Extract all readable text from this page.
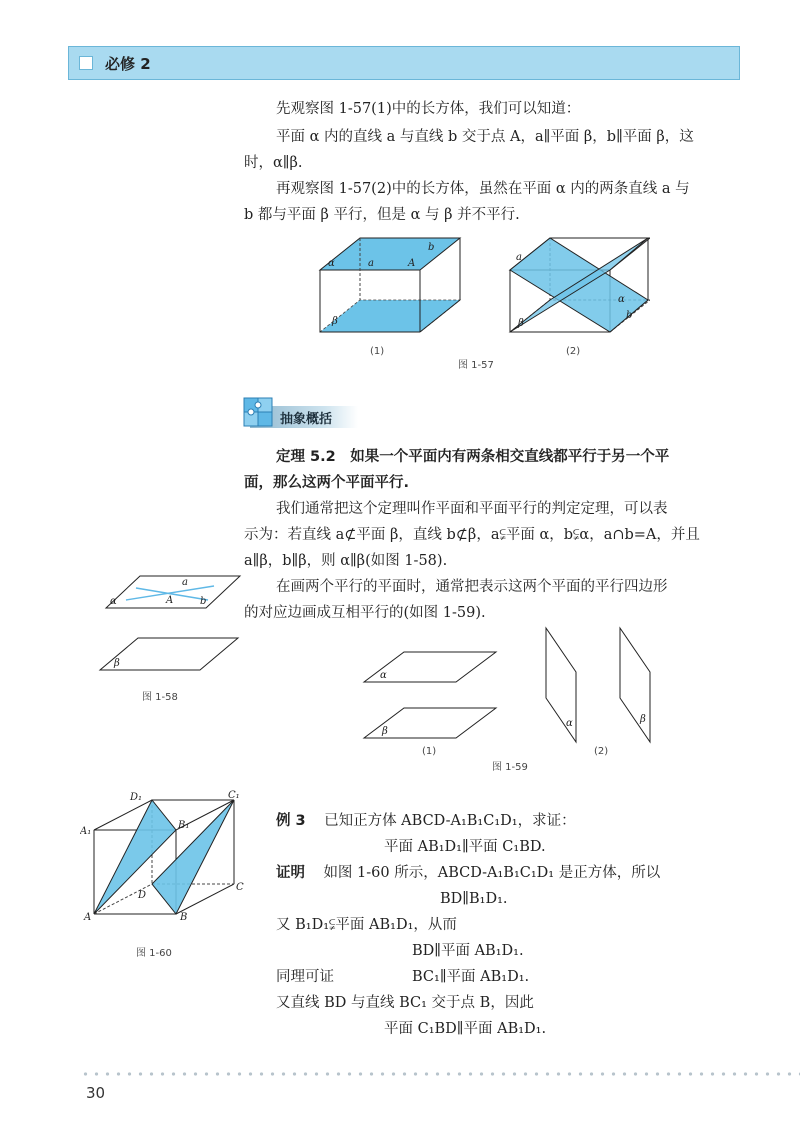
必修 2

先观察图 1-57(1)中的长方体，我们可以知道：

平面 α 内的直线 a 与直线 b 交于点 A，a∥平面 β，b∥平面 β，这

时，α∥β.

再观察图 1-57(2)中的长方体，虽然在平面 α 内的两条直线 a 与

b 都与平面 β 平行，但是 α 与 β 并不平行.

α	a	A
b
β
a
β
α
b
(1)	(2)
图 1-57
抽象概括

定理 5.2　如果一个平面内有两条相交直线都平行于另一个平

面，那么这两个平面平行.

我们通常把这个定理叫作平面和平面平行的判定定理，可以表

示为：若直线 a⊄平面 β，直线 b⊄β，a⫋平面 α，b⫋α，a∩b=A，并且

a∥β，b∥β，则 α∥β(如图 1-58).

在画两个平行的平面时，通常把表示这两个平面的平行四边形

的对应边画成互相平行的(如图 1-59).

α
a
A	b
β
图 1-58
α
β
α	β
(1)	(2)
图 1-59
D₁	C₁
A₁
B₁
D
C
A	B
图 1-60

例 3 已知正方体 ABCD-A₁B₁C₁D₁，求证：

平面 AB₁D₁∥平面 C₁BD.

证明 如图 1-60 所示，ABCD-A₁B₁C₁D₁ 是正方体，所以

BD∥B₁D₁.

又 B₁D₁⫋平面 AB₁D₁，从而

BD∥平面 AB₁D₁.

同理可证	BC₁∥平面 AB₁D₁.

又直线 BD 与直线 BC₁ 交于点 B，因此

平面 C₁BD∥平面 AB₁D₁.

30
